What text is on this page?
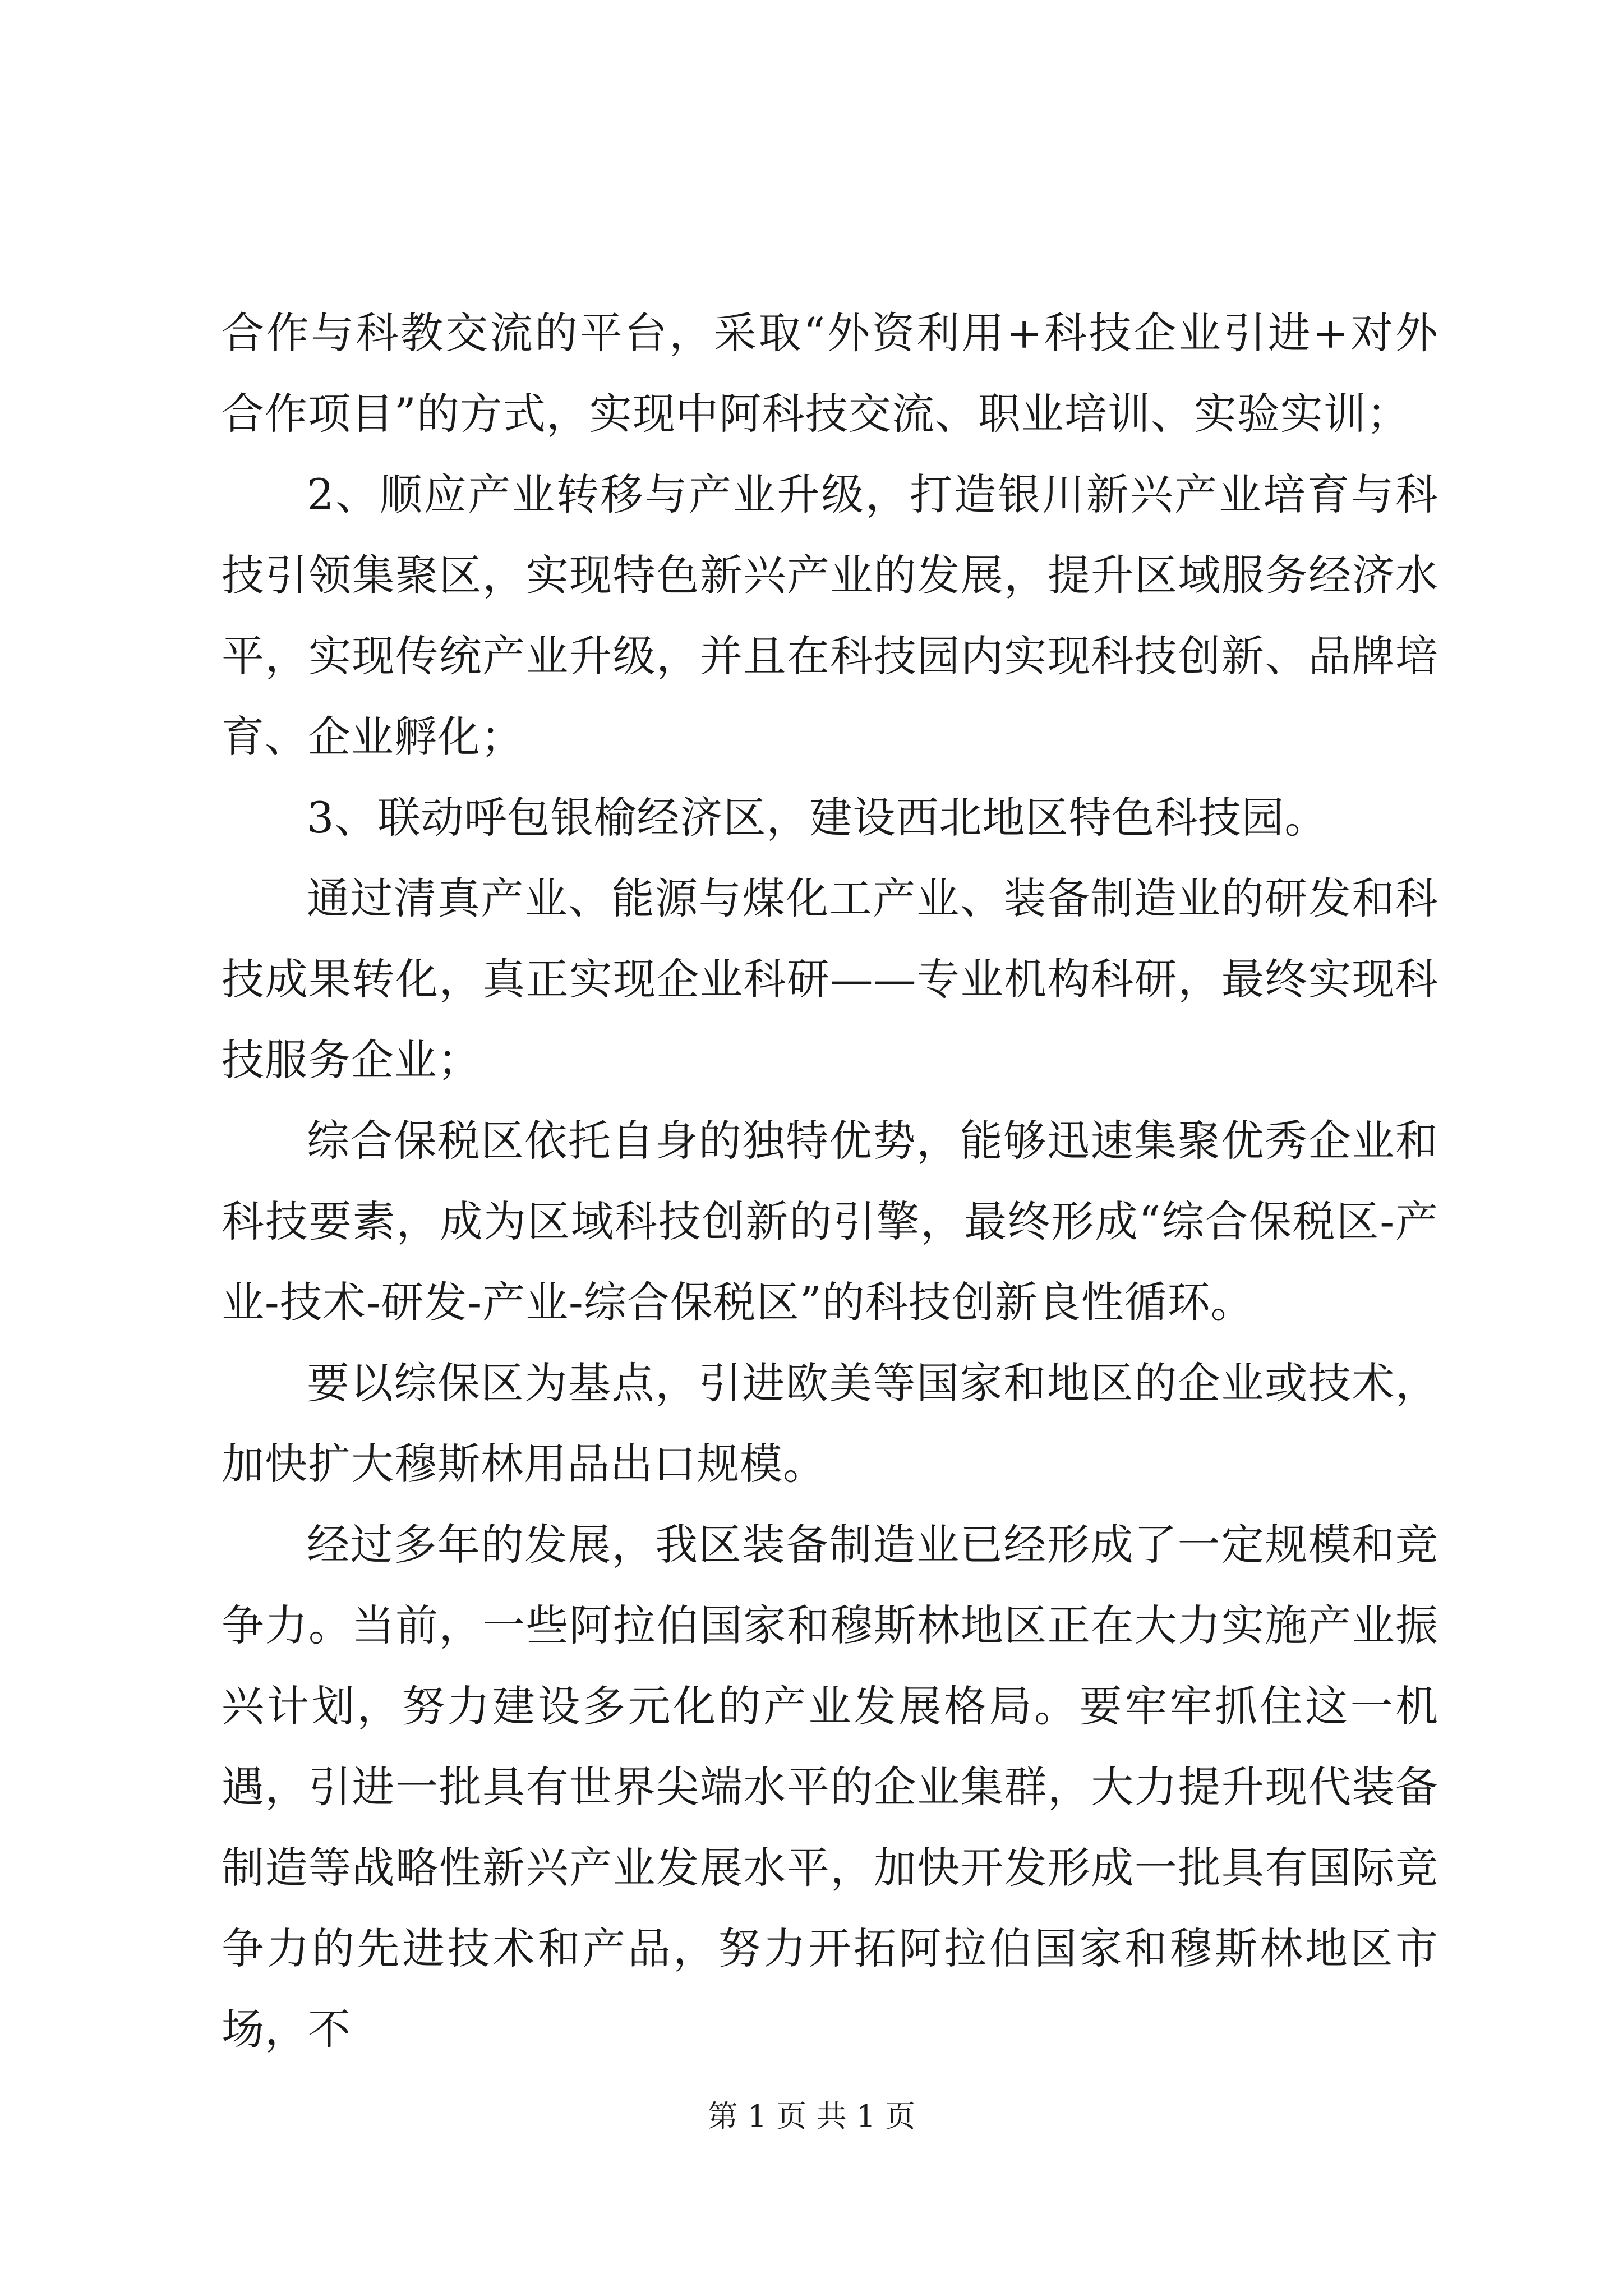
合作与科教交流的平台，采取“外资利用+科技企业引进+对外合作项目”的方式，实现中阿科技交流、职业培训、实验实训；

2、顺应产业转移与产业升级，打造银川新兴产业培育与科技引领集聚区，实现特色新兴产业的发展，提升区域服务经济水平，实现传统产业升级，并且在科技园内实现科技创新、品牌培育、企业孵化；

3、联动呼包银榆经济区，建设西北地区特色科技园。

通过清真产业、能源与煤化工产业、装备制造业的研发和科技成果转化，真正实现企业科研——专业机构科研，最终实现科技服务企业；

综合保税区依托自身的独特优势，能够迅速集聚优秀企业和科技要素，成为区域科技创新的引擎，最终形成“综合保税区-产业-技术-研发-产业-综合保税区”的科技创新良性循环。

要以综保区为基点，引进欧美等国家和地区的企业或技术，加快扩大穆斯林用品出口规模。

经过多年的发展，我区装备制造业已经形成了一定规模和竞争力。当前，一些阿拉伯国家和穆斯林地区正在大力实施产业振兴计划，努力建设多元化的产业发展格局。要牢牢抓住这一机遇，引进一批具有世界尖端水平的企业集群，大力提升现代装备制造等战略性新兴产业发展水平，加快开发形成一批具有国际竞争力的先进技术和产品，努力开拓阿拉伯国家和穆斯林地区市场，不

第 1 页 共 1 页
